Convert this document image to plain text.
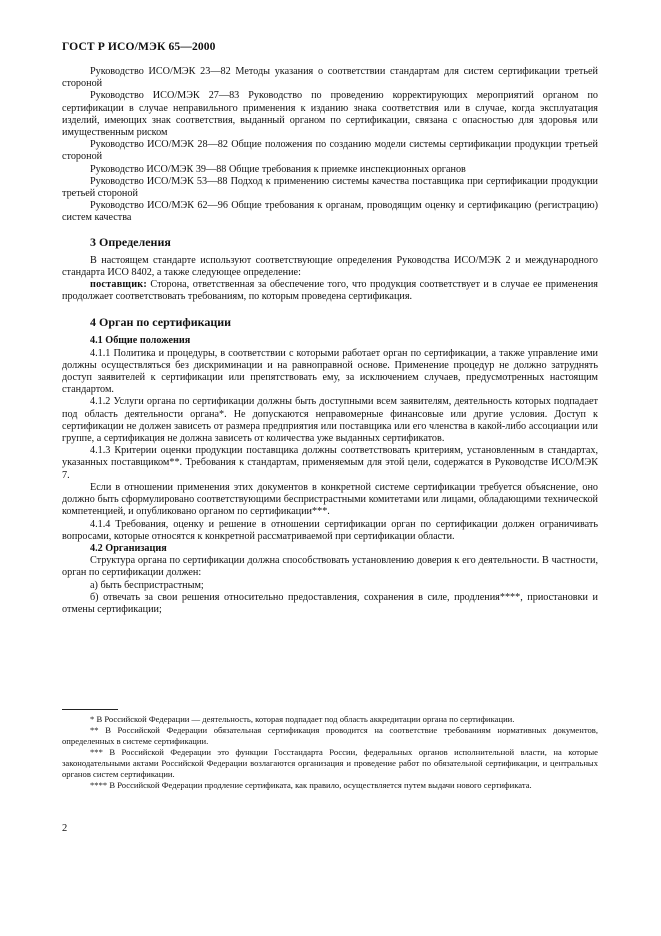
ГОСТ Р ИСО/МЭК 65—2000

Руководство ИСО/МЭК 23—82 Методы указания о соответствии стандартам для систем сертификации третьей стороной

Руководство ИСО/МЭК 27—83 Руководство по проведению корректирующих мероприятий органом по сертификации в случае неправильного применения к изданию знака соответствия или в случае, когда эксплуатация изделий, имеющих знак соответствия, выданный органом по сертификации, связана с опасностью для здоровья или имущественным риском

Руководство ИСО/МЭК 28—82 Общие положения по созданию модели системы сертификации продукции третьей стороной

Руководство ИСО/МЭК 39—88 Общие требования к приемке инспекционных органов

Руководство ИСО/МЭК 53—88 Подход к применению системы качества поставщика при сертификации продукции третьей стороной

Руководство ИСО/МЭК 62—96 Общие требования к органам, проводящим оценку и сертификацию (регистрацию) систем качества

3 Определения

В настоящем стандарте используют соответствующие определения Руководства ИСО/МЭК 2 и международного стандарта ИСО 8402, а также следующее определение:

поставщик: Сторона, ответственная за обеспечение того, что продукция соответствует и в случае ее применения продолжает соответствовать требованиям, по которым проведена сертификация.

4 Орган по сертификации
4.1 Общие положения

4.1.1 Политика и процедуры, в соответствии с которыми работает орган по сертификации, а также управление ими должны осуществляться без дискриминации и на равноправной основе. Применение процедур не должно затруднять доступ заявителей к сертификации или препятствовать ему, за исключением случаев, предусмотренных настоящим стандартом.

4.1.2 Услуги органа по сертификации должны быть доступными всем заявителям, деятельность которых подпадает под область деятельности органа*. Не допускаются неправомерные финансовые или другие условия. Доступ к сертификации не должен зависеть от размера предприятия или поставщика или его членства в какой-либо ассоциации или группе, а сертификация не должна зависеть от количества уже выданных сертификатов.

4.1.3 Критерии оценки продукции поставщика должны соответствовать критериям, установленным в стандартах, указанных поставщиком**. Требования к стандартам, применяемым для этой цели, содержатся в Руководстве ИСО/МЭК 7.

Если в отношении применения этих документов в конкретной системе сертификации требуется объяснение, оно должно быть сформулировано соответствующими беспристрастными комитетами или лицами, обладающими технической компетенцией, и опубликовано органом по сертификации***.

4.1.4 Требования, оценку и решение в отношении сертификации орган по сертификации должен ограничивать вопросами, которые относятся к конкретной рассматриваемой при сертификации области.

4.2 Организация

Структура органа по сертификации должна способствовать установлению доверия к его деятельности. В частности, орган по сертификации должен:

а) быть беспристрастным;

б) отвечать за свои решения относительно предоставления, сохранения в силе, продления****, приостановки и отмены сертификации;

* В Российской Федерации — деятельность, которая подпадает под область аккредитации органа по сертификации.

** В Российской Федерации обязательная сертификация проводится на соответствие требованиям нормативных документов, определенных в системе сертификации.

*** В Российской Федерации это функции Госстандарта России, федеральных органов исполнительной власти, на которые законодательными актами Российской Федерации возлагаются организация и проведение работ по обязательной сертификации, и центральных органов систем сертификации.

**** В Российской Федерации продление сертификата, как правило, осуществляется путем выдачи нового сертификата.

2
